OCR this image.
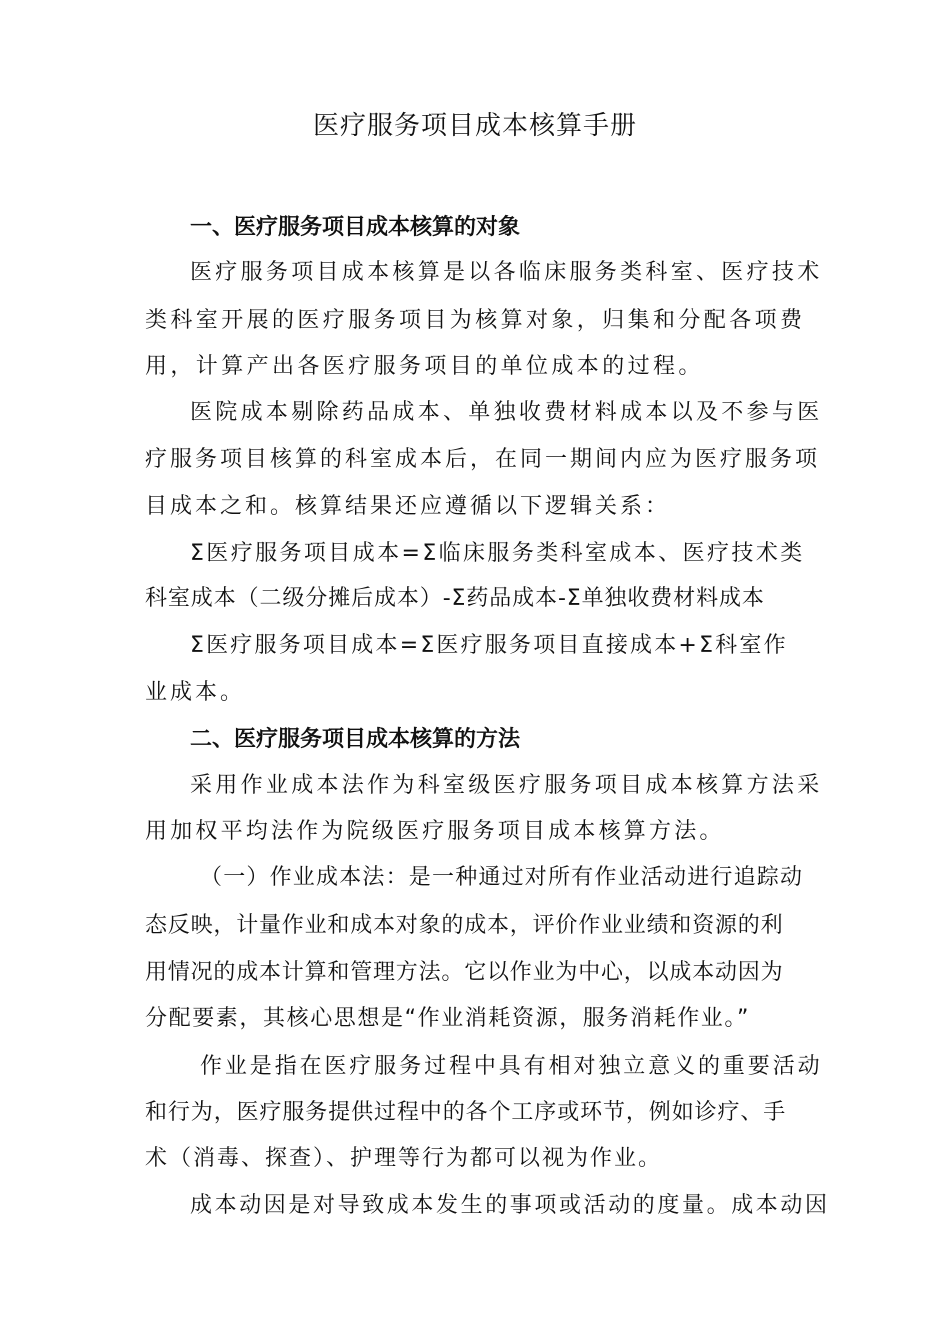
医疗服务项目成本核算手册
一、医疗服务项目成本核算的对象
医疗服务项目成本核算是以各临床服务类科室、医疗技术
类科室开展的医疗服务项目为核算对象，归集和分配各项费
用，计算产出各医疗服务项目的单位成本的过程。
医院成本剔除药品成本、单独收费材料成本以及不参与医
疗服务项目核算的科室成本后，在同一期间内应为医疗服务项
目成本之和。核算结果还应遵循以下逻辑关系：
Σ医疗服务项目成本=Σ临床服务类科室成本、医疗技术类
科室成本（二级分摊后成本）-Σ药品成本-Σ单独收费材料成本
Σ医疗服务项目成本=Σ医疗服务项目直接成本+Σ科室作
业成本。
二、医疗服务项目成本核算的方法
采用作业成本法作为科室级医疗服务项目成本核算方法采
用加权平均法作为院级医疗服务项目成本核算方法。
（一）作业成本法：是一种通过对所有作业活动进行追踪动
态反映，计量作业和成本对象的成本，评价作业业绩和资源的利
用情况的成本计算和管理方法。它以作业为中心，以成本动因为
分配要素，其核心思想是“作业消耗资源，服务消耗作业。”
作业是指在医疗服务过程中具有相对独立意义的重要活动
和行为，医疗服务提供过程中的各个工序或环节，例如诊疗、手
术（消毒、探查）、护理等行为都可以视为作业。
成本动因是对导致成本发生的事项或活动的度量。成本动因
